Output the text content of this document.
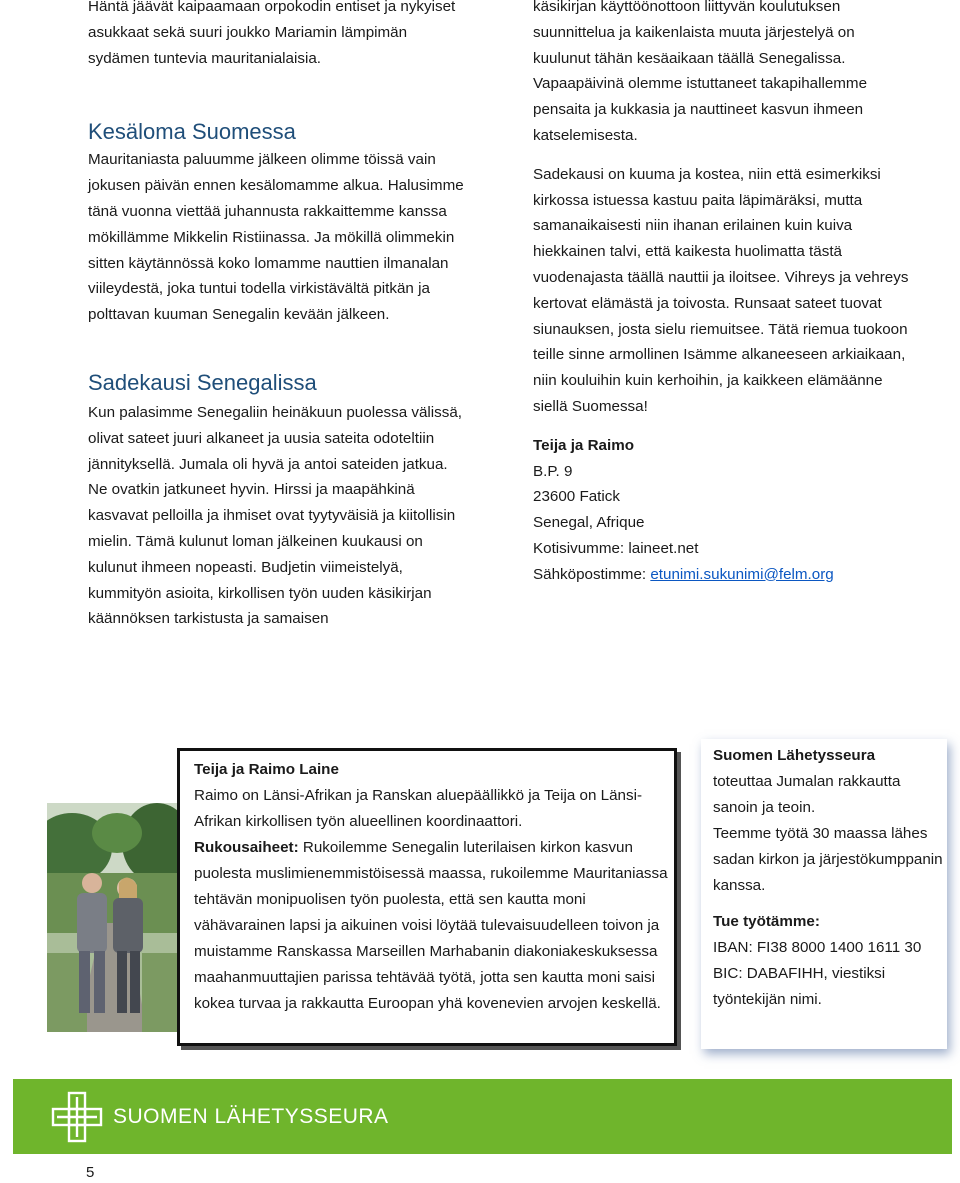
Häntä jäävät kaipaamaan orpokodin entiset ja nykyiset asukkaat sekä suuri joukko Mariamin lämpimän sydämen tuntevia mauritanialaisia.

Kesäloma Suomessa

Mauritaniasta paluumme jälkeen olimme töissä vain jokusen päivän ennen kesälomamme alkua. Halusimme tänä vuonna viettää juhannusta rakkaittemme kanssa mökillämme Mikkelin Ristiinassa. Ja mökillä olimmekin sitten käytännössä koko lomamme nauttien ilmanalan viileydestä, joka tuntui todella virkistävältä pitkän ja polttavan kuuman Senegalin kevään jälkeen.

Sadekausi Senegalissa

Kun palasimme Senegaliin heinäkuun puolessa välissä, olivat sateet juuri alkaneet ja uusia sateita odoteltiin jännityksellä. Jumala oli hyvä ja antoi sateiden jatkua. Ne ovatkin jatkuneet hyvin. Hirssi ja maapähkinä kasvavat pelloilla ja ihmiset ovat tyytyväisiä ja kiitollisin mielin. Tämä kulunut loman jälkeinen kuukausi on kulunut ihmeen nopeasti. Budjetin viimeistelyä, kummityön asioita, kirkollisen työn uuden käsikirjan käännöksen tarkistusta ja samaisen

käsikirjan käyttöönottoon liittyvän koulutuksen suunnittelua ja kaikenlaista muuta järjestelyä on kuulunut tähän kesäaikaan täällä Senegalissa. Vapaapäivinä olemme istuttaneet takapihallemme pensaita ja kukkasia ja nauttineet kasvun ihmeen katselemisesta.

Sadekausi on kuuma ja kostea, niin että esimerkiksi kirkossa istuessa kastuu paita läpimäräksi, mutta samanaikaisesti niin ihanan erilainen kuin kuiva hiekkainen talvi, että kaikesta huolimatta tästä vuodenajasta täällä nauttii ja iloitsee. Vihreys ja vehreys kertovat elämästä ja toivosta. Runsaat sateet tuovat siunauksen, josta sielu riemuitsee. Tätä riemua tuokoon teille sinne armollinen Isämme alkaneeseen arkiaikaan, niin kouluihin kuin kerhoihin, ja kaikkeen elämäänne siellä Suomessa!

Teija ja Raimo

B.P. 9

23600 Fatick

Senegal, Afrique

Kotisivumme: laineet.net

Sähköpostimme: etunimi.sukunimi@felm.org

Teija ja Raimo Laine

Raimo on Länsi-Afrikan ja Ranskan aluepäällikkö ja Teija on Länsi-Afrikan kirkollisen työn alueellinen koordinaattori.

Rukousaiheet: Rukoilemme Senegalin luterilaisen kirkon kasvun puolesta muslimienemmistöisessä maassa, rukoilemme Mauritaniassa tehtävän monipuolisen työn puolesta, että sen kautta moni vähävarainen lapsi ja aikuinen voisi löytää tulevaisuudelleen toivon ja muistamme Ranskassa Marseillen Marhabanin diakoniakeskuksessa maahanmuuttajien parissa tehtävää työtä, jotta sen kautta moni saisi kokea turvaa ja rakkautta Euroopan yhä kovenevien arvojen keskellä.

Suomen Lähetysseura

toteuttaa Jumalan rakkautta sanoin ja teoin.

Teemme työtä 30 maassa lähes sadan kirkon ja järjestökumppanin kanssa.

Tue työtämme:

IBAN: FI38 8000 1400 1611 30

BIC: DABAFIHH, viestiksi työntekijän nimi.

SUOMEN LÄHETYSSEURA
5
